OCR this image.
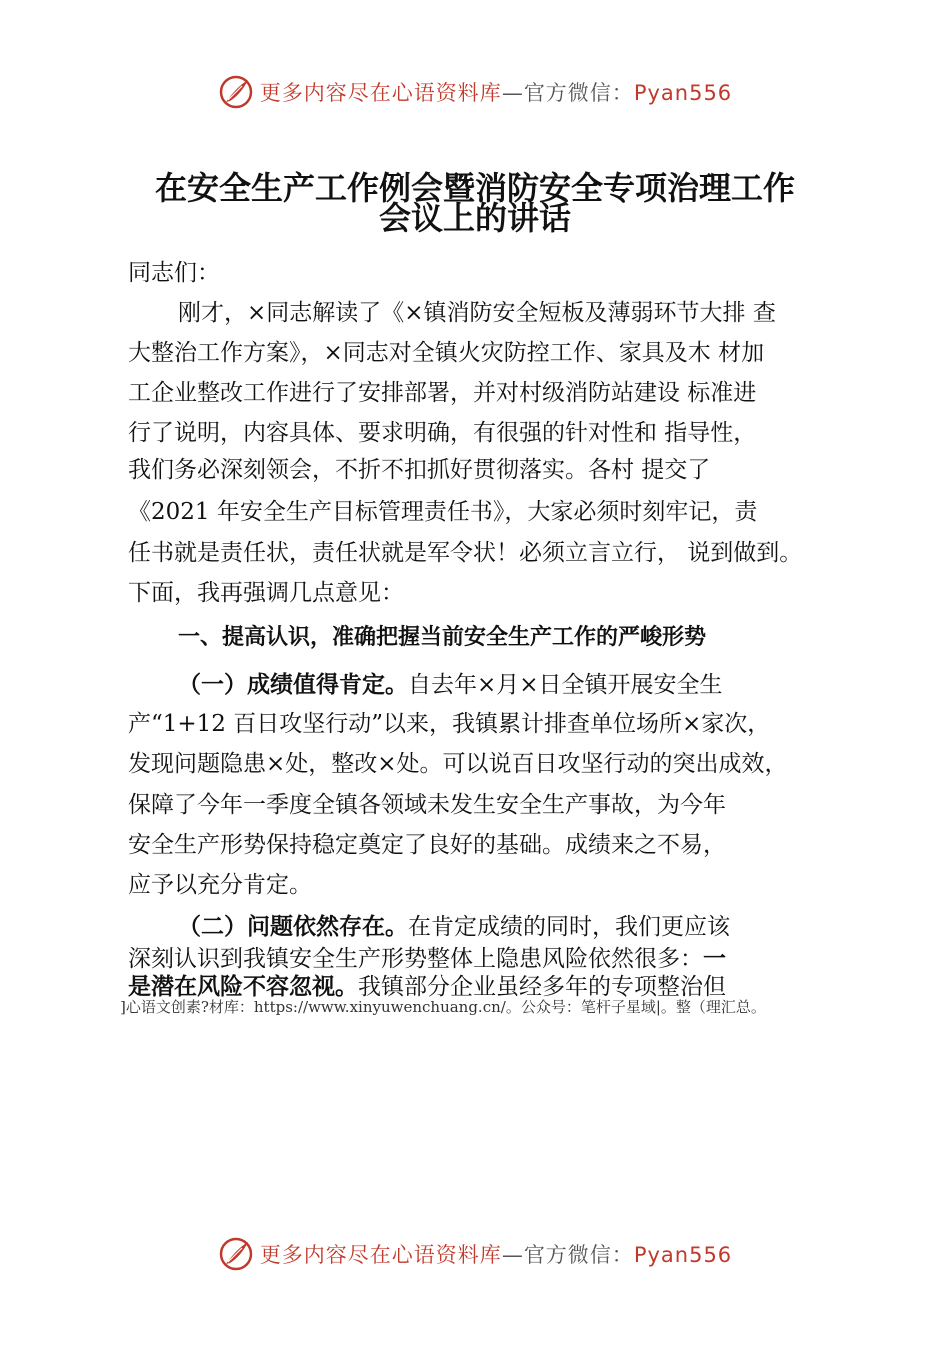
更多内容尽在心语资料库—官方微信：Pyan556
在安全生产工作例会暨消防安全专项治理工作
会议上的讲话
同志们：
刚才，×同志解读了《×镇消防安全短板及薄弱环节大排 查
大整治工作方案》，×同志对全镇火灾防控工作、家具及木 材加
工企业整改工作进行了安排部署，并对村级消防站建设 标准进
行了说明，内容具体、要求明确，有很强的针对性和 指导性，
我们务必深刻领会，不折不扣抓好贯彻落实。各村 提交了
《2021 年安全生产目标管理责任书》，大家必须时刻牢记，责
任书就是责任状，责任状就是军令状！必须立言立行， 说到做到。
下面，我再强调几点意见：
一、提高认识，准确把握当前安全生产工作的严峻形势
（一）成绩值得肯定。自去年×月×日全镇开展安全生
产“1+12 百日攻坚行动”以来，我镇累计排查单位场所×家次，
发现问题隐患×处，整改×处。可以说百日攻坚行动的突出成效，
保障了今年一季度全镇各领域未发生安全生产事故，为今年
安全生产形势保持稳定奠定了良好的基础。成绩来之不易，
应予以充分肯定。
（二）问题依然存在。在肯定成绩的同时，我们更应该
深刻认识到我镇安全生产形势整体上隐患风险依然很多：一
是潜在风险不容忽视。我镇部分企业虽经多年的专项整治但
]心语文创素?材库：https://www.xinyuwenchuang.cn/。公众号：笔杆子星域|。整（理汇总。
更多内容尽在心语资料库—官方微信：Pyan556
